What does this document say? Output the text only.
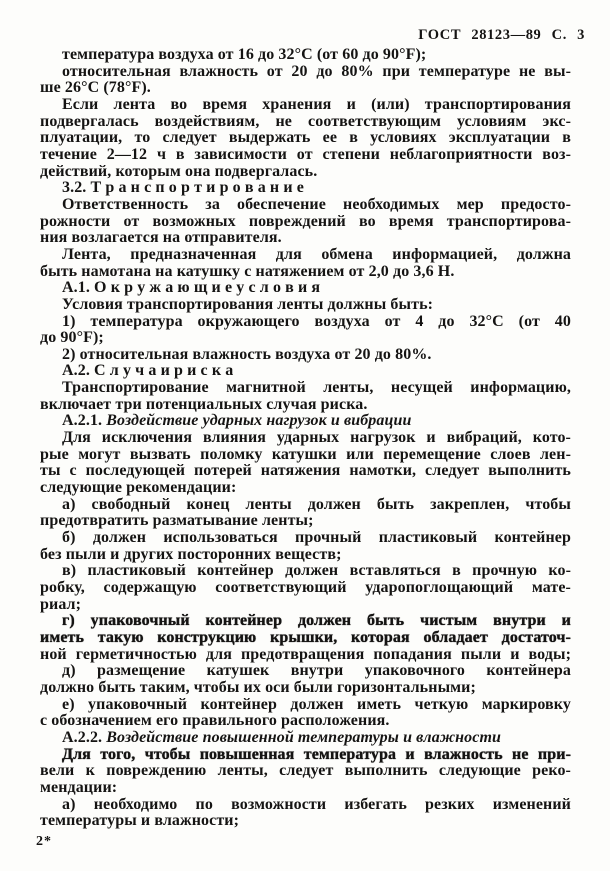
ГОСТ 28123—89 С. 3
температура воздуха от 16 до 32°С (от 60 до 90°F);
относительная влажность от 20 до 80% при температуре не вы-
ше 26°С (78°F).
Если лента во время хранения и (или) транспортирования
подвергалась воздействиям, не соответствующим условиям экс-
плуатации, то следует выдержать ее в условиях эксплуатации в
течение 2—12 ч в зависимости от степени неблагоприятности воз-
действий, которым она подвергалась.
3.2. Т р а н с п о р т и р о в а н и е
Ответственность за обеспечение необходимых мер предосто-
рожности от возможных повреждений во время транспортирова-
ния возлагается на отправителя.
Лента, предназначенная для обмена информацией, должна
быть намотана на катушку с натяжением от 2,0 до 3,6 Н.
А.1. О к р у ж а ю щ и е у с л о в и я
Условия транспортирования ленты должны быть:
1) температура окружающего воздуха от 4 до 32°С (от 40
до 90°F);
2) относительная влажность воздуха от 20 до 80%.
А.2. С л у ч а и р и с к а
Транспортирование магнитной ленты, несущей информацию,
включает три потенциальных случая риска.
А.2.1. Воздействие ударных нагрузок и вибрации
Для исключения влияния ударных нагрузок и вибраций, кото-
рые могут вызвать поломку катушки или перемещение слоев лен-
ты с последующей потерей натяжения намотки, следует выполнить
следующие рекомендации:
а) свободный конец ленты должен быть закреплен, чтобы
предотвратить разматывание ленты;
б) должен использоваться прочный пластиковый контейнер
без пыли и других посторонних веществ;
в) пластиковый контейнер должен вставляться в прочную ко-
робку, содержащую соответствующий ударопоглощающий мате-
риал;
г) упаковочный контейнер должен быть чистым внутри и
иметь такую конструкцию крышки, которая обладает достаточ-
ной герметичностью для предотвращения попадания пыли и воды;
д) размещение катушек внутри упаковочного контейнера
должно быть таким, чтобы их оси были горизонтальными;
е) упаковочный контейнер должен иметь четкую маркировку
с обозначением его правильного расположения.
А.2.2. Воздействие повышенной температуры и влажности
Для того, чтобы повышенная температура и влажность не при-
вели к повреждению ленты, следует выполнить следующие реко-
мендации:
а) необходимо по возможности избегать резких изменений
температуры и влажности;
2*
